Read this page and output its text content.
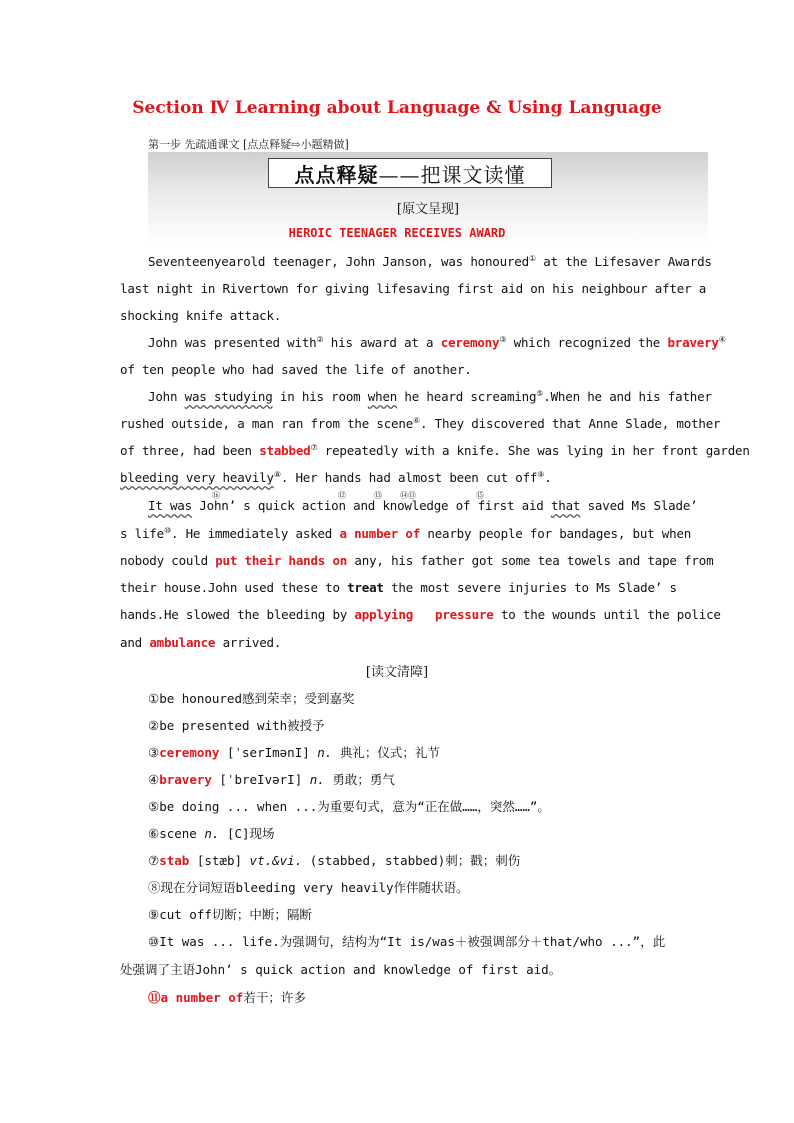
Section Ⅳ Learning about Language & Using Language
第一步 先疏通课文 [点点释疑⇨小题精做]
点点释疑 ——把课文读懂
[原文呈现]
HEROIC TEENAGER RECEIVES AWARD
Seventeenyearold teenager, John Janson, was honoured① at the Lifesaver Awards
last night in Rivertown for giving lifesaving first aid on his neighbour after a
shocking knife attack.
John was presented with② his award at a ceremony③ which recognized the bravery④
of ten people who had saved the life of another.
John was studying in his room when he heard screaming⑤.When he and his father
rushed outside, a man ran from the scene⑥. They discovered that Anne Slade, mother
of three, had been stabbed⑦ repeatedly with a knife. She was lying in her front garden
bleeding very heavily⑧. Her hands had almost been cut off⑨.
⑯	⑫	⑬ ⑭⑪	⑮
It was John’ s quick action and knowledge of first aid that saved Ms Slade’
s life⑩. He immediately asked a number of nearby people for bandages, but when
nobody could put their hands on any, his father got some tea towels and tape from
their house.John used these to treat the most severe injuries to Ms Slade’ s
hands.He slowed the bleeding by applying pressure to the wounds until the police
and ambulance arrived.
[读文清障]
①be honoured感到荣幸；受到嘉奖
②be presented with被授予
③ceremony [ˈserImənI] n. 典礼；仪式；礼节
④bravery [ˈbreIvərI] n. 勇敢；勇气
⑤be doing ... when ...为重要句式，意为“正在做……，突然……”。
⑥scene n. [C]现场
⑦stab [stæb] vt.&vi. (stabbed, stabbed)刺；戳；刺伤
⑧现在分词短语bleeding very heavily作伴随状语。
⑨cut off切断；中断；隔断
⑩It was ... life.为强调句，结构为“It is/was＋被强调部分＋that/who ...”，此
处强调了主语John’ s quick action and knowledge of first aid。
⑪a number of若干；许多
